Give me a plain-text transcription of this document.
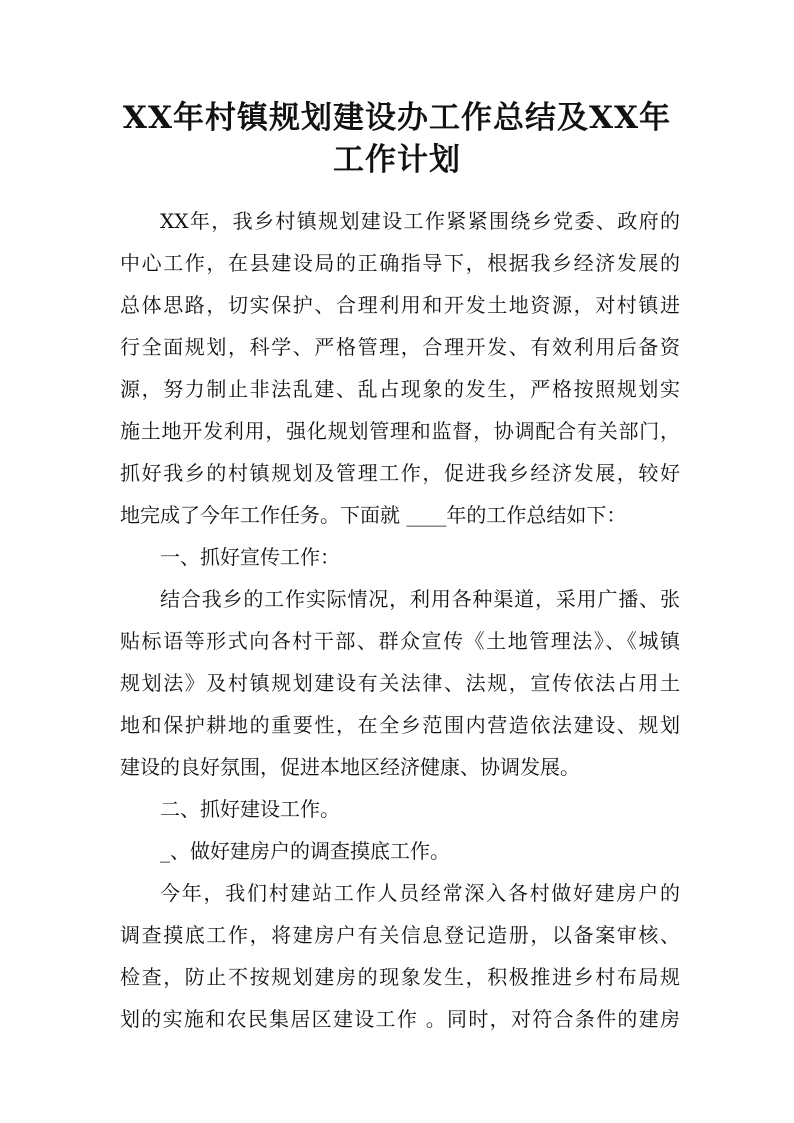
XX年村镇规划建设办工作总结及XX年
工作计划
XX年，我乡村镇规划建设工作紧紧围绕乡党委、政府的
中心工作，在县建设局的正确指导下，根据我乡经济发展的
总体思路，切实保护、合理利用和开发土地资源，对村镇进
行全面规划，科学、严格管理，合理开发、有效利用后备资
源，努力制止非法乱建、乱占现象的发生，严格按照规划实
施土地开发利用，强化规划管理和监督，协调配合有关部门，
抓好我乡的村镇规划及管理工作，促进我乡经济发展，较好
地完成了今年工作任务。下面就 ____年的工作总结如下：
一、抓好宣传工作：
结合我乡的工作实际情况，利用各种渠道，采用广播、张
贴标语等形式向各村干部、群众宣传《土地管理法》、《城镇
规划法》及村镇规划建设有关法律、法规，宣传依法占用土
地和保护耕地的重要性，在全乡范围内营造依法建设、规划
建设的良好氛围，促进本地区经济健康、协调发展。
二、抓好建设工作。
_、做好建房户的调查摸底工作。
今年，我们村建站工作人员经常深入各村做好建房户的
调查摸底工作，将建房户有关信息登记造册，以备案审核、
检查，防止不按规划建房的现象发生，积极推进乡村布局规
划的实施和农民集居区建设工作 。同时，对符合条件的建房
